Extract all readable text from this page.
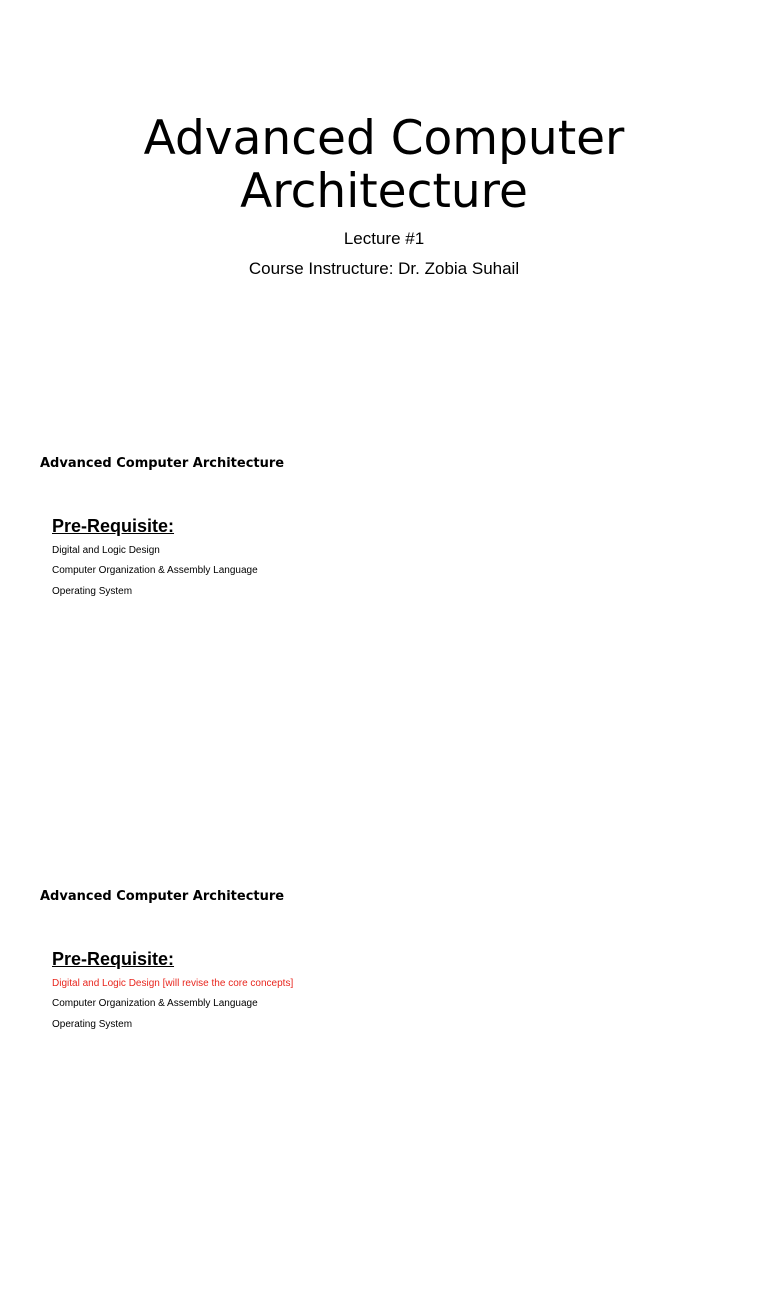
Advanced Computer
Architecture
Lecture #1
Course Instructure: Dr. Zobia Suhail
Advanced Computer Architecture
Pre-Requisite:
Digital and Logic Design
Computer Organization & Assembly Language
Operating System
Advanced Computer Architecture
Pre-Requisite:
Digital and Logic Design [will revise the core concepts]
Computer Organization & Assembly Language
Operating System
